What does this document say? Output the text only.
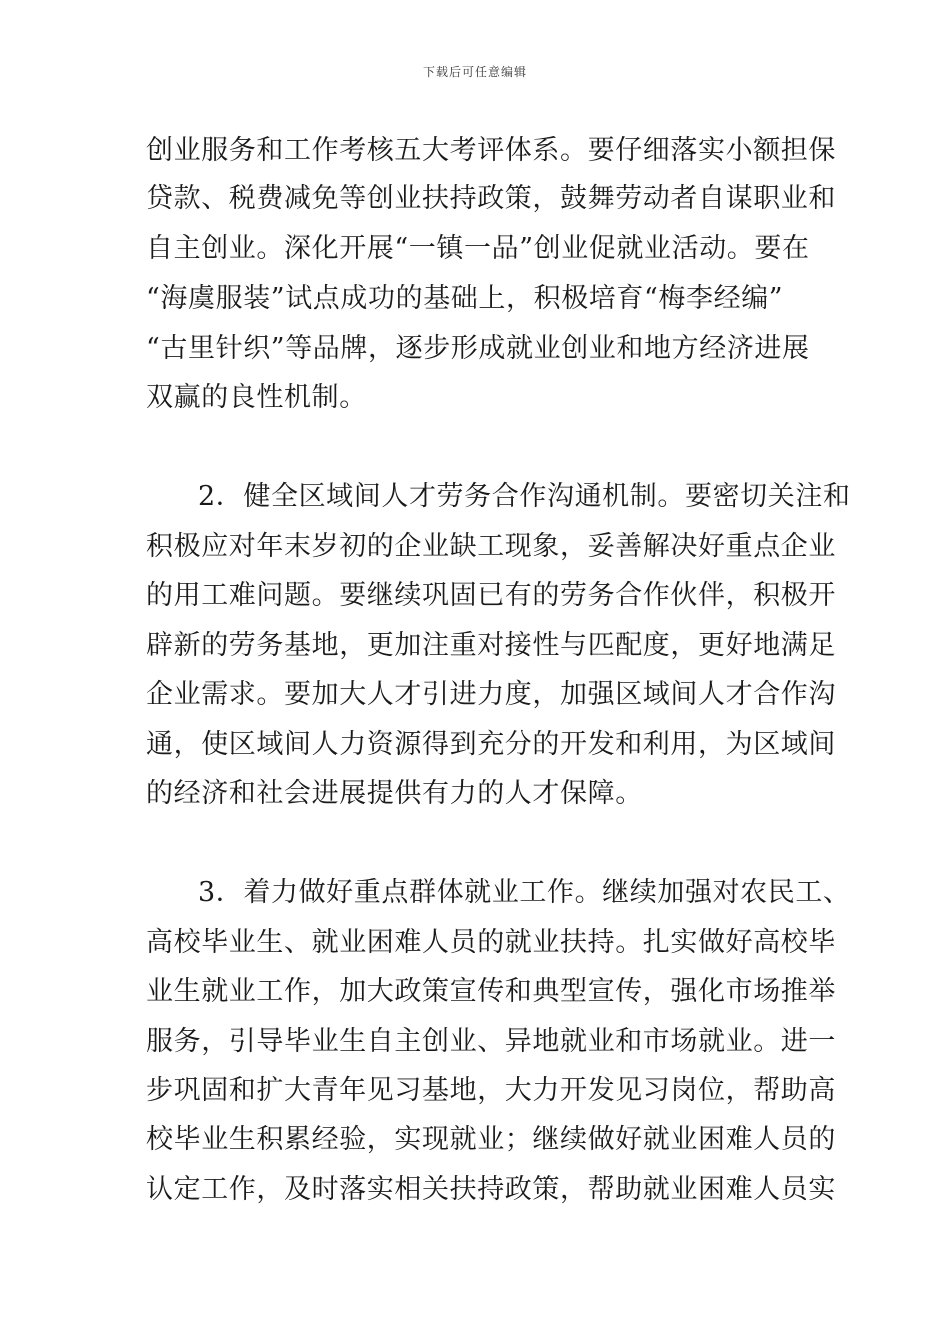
下载后可任意编辑
创业服务和工作考核五大考评体系。要仔细落实小额担保
贷款、税费减免等创业扶持政策，鼓舞劳动者自谋职业和
自主创业。深化开展“一镇一品”创业促就业活动。要在
“海虞服装”试点成功的基础上，积极培育“梅李经编”
“古里针织”等品牌，逐步形成就业创业和地方经济进展
双赢的良性机制。
2．健全区域间人才劳务合作沟通机制。要密切关注和
积极应对年末岁初的企业缺工现象，妥善解决好重点企业
的用工难问题。要继续巩固已有的劳务合作伙伴，积极开
辟新的劳务基地，更加注重对接性与匹配度，更好地满足
企业需求。要加大人才引进力度，加强区域间人才合作沟
通，使区域间人力资源得到充分的开发和利用，为区域间
的经济和社会进展提供有力的人才保障。
3．着力做好重点群体就业工作。继续加强对农民工、
高校毕业生、就业困难人员的就业扶持。扎实做好高校毕
业生就业工作，加大政策宣传和典型宣传，强化市场推举
服务，引导毕业生自主创业、异地就业和市场就业。进一
步巩固和扩大青年见习基地，大力开发见习岗位，帮助高
校毕业生积累经验，实现就业；继续做好就业困难人员的
认定工作，及时落实相关扶持政策，帮助就业困难人员实
